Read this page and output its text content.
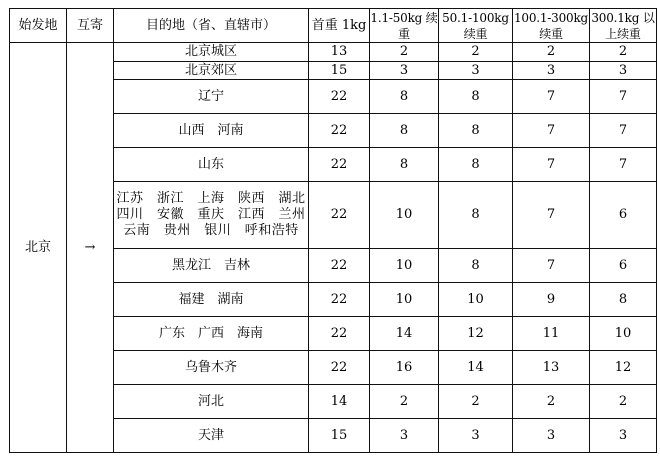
始发地	互寄	目的地（省、直辖市）	首重 1kg	1.1-50kg 续重	50.1-100kg 续重	100.1-300kg 续重	300.1kg 以上续重
北京	→	北京城区	13	2	2	2	2
		北京郊区	15	3	3	3	3
		辽宁	22	8	8	7	7
		山西　河南	22	8	8	7	7
		山东	22	8	8	7	7

		江苏　浙江　上海　陕西　湖北
四川　安徽　重庆　江西　兰州
云南　贵州　银川　呼和浩特	22	10	8	7	6
		黑龙江　吉林	22	10	8	7	6
		福建　湖南	22	10	10	9	8
		广东　广西　海南	22	14	12	11	10
		乌鲁木齐	22	16	14	13	12
		河北	14	2	2	2	2
		天津	15	3	3	3	3
